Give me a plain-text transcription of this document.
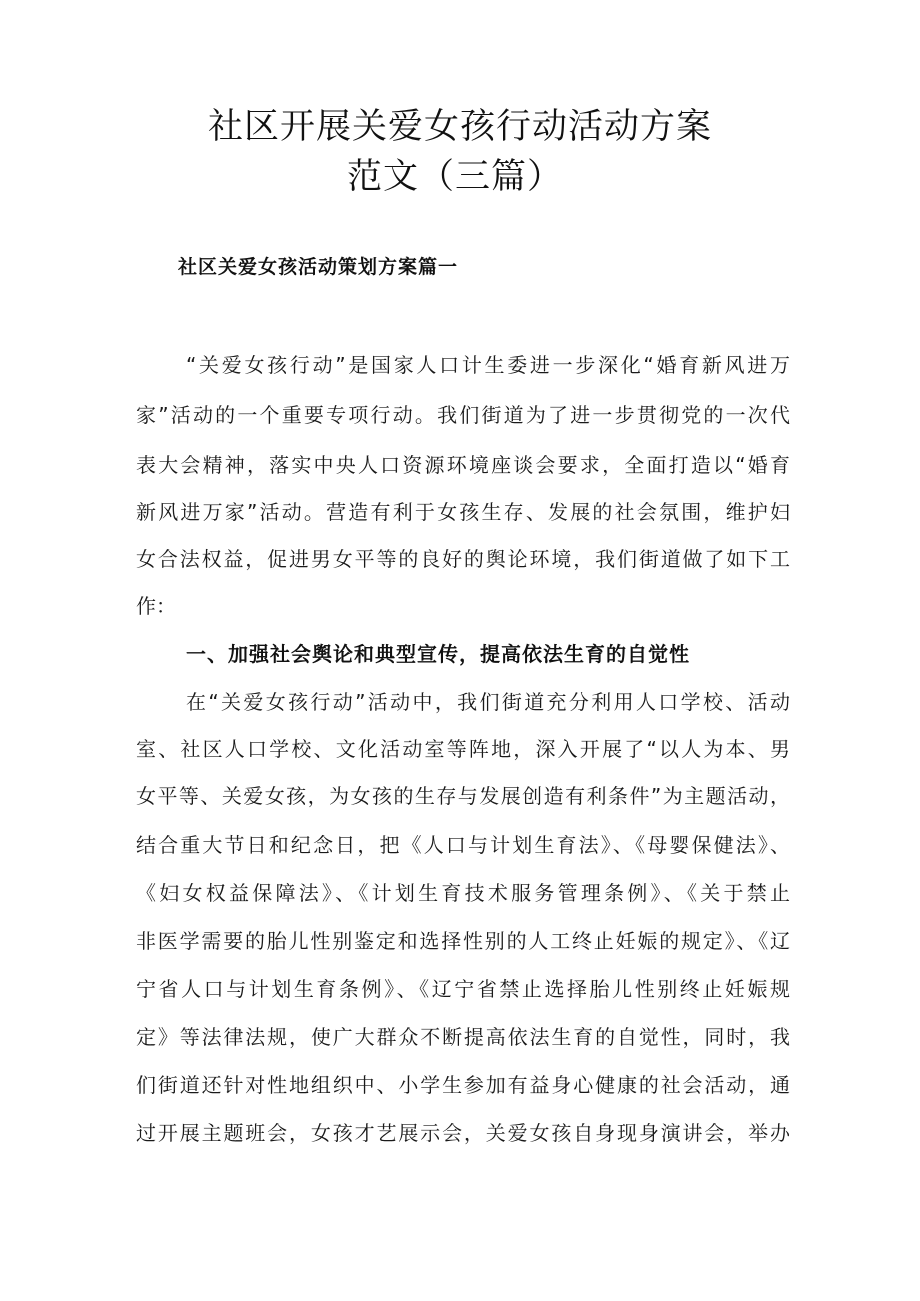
社区开展关爱女孩行动活动方案
范文（三篇）
社区关爱女孩活动策划方案篇一
“关爱女孩行动”是国家人口计生委进一步深化“婚育新风进万
家”活动的一个重要专项行动。我们街道为了进一步贯彻党的一次代
表大会精神，落实中央人口资源环境座谈会要求，全面打造以“婚育
新风进万家”活动。营造有利于女孩生存、发展的社会氛围，维护妇
女合法权益，促进男女平等的良好的舆论环境，我们街道做了如下工
作：
一、加强社会舆论和典型宣传，提高依法生育的自觉性
在“关爱女孩行动”活动中，我们街道充分利用人口学校、活动
室、社区人口学校、文化活动室等阵地，深入开展了“以人为本、男
女平等、关爱女孩，为女孩的生存与发展创造有利条件”为主题活动，
结合重大节日和纪念日，把《人口与计划生育法》、《母婴保健法》、
《妇女权益保障法》、《计划生育技术服务管理条例》、《关于禁止
非医学需要的胎儿性别鉴定和选择性别的人工终止妊娠的规定》、《辽
宁省人口与计划生育条例》、《辽宁省禁止选择胎儿性别终止妊娠规
定》等法律法规，使广大群众不断提高依法生育的自觉性，同时，我
们街道还针对性地组织中、小学生参加有益身心健康的社会活动，通
过开展主题班会，女孩才艺展示会，关爱女孩自身现身演讲会，举办
